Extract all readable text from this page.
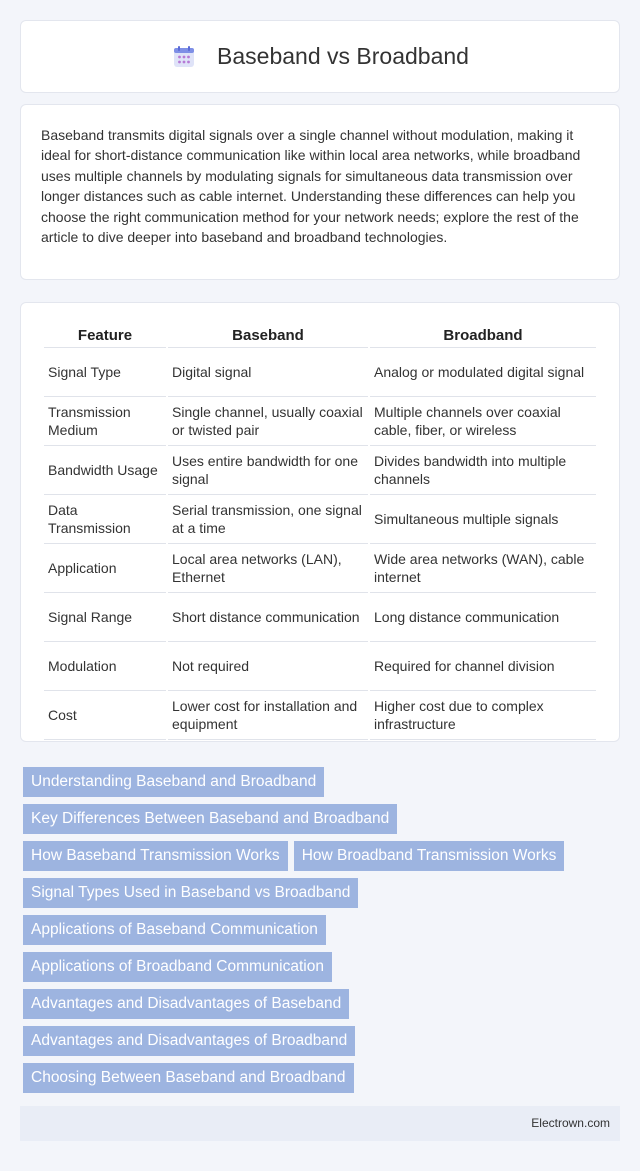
Baseband vs Broadband

Baseband transmits digital signals over a single channel without modulation, making it ideal for short-distance communication like within local area networks, while broadband uses multiple channels by modulating signals for simultaneous data transmission over longer distances such as cable internet. Understanding these differences can help you choose the right communication method for your network needs; explore the rest of the article to dive deeper into baseband and broadband technologies.

Feature	Baseband	Broadband
Signal Type	Digital signal	Analog or modulated digital signal
Transmission Medium	Single channel, usually coaxial or twisted pair	Multiple channels over coaxial cable, fiber, or wireless
Bandwidth Usage	Uses entire bandwidth for one signal	Divides bandwidth into multiple channels
Data Transmission	Serial transmission, one signal at a time	Simultaneous multiple signals
Application	Local area networks (LAN), Ethernet	Wide area networks (WAN), cable internet
Signal Range	Short distance communication	Long distance communication
Modulation	Not required	Required for channel division
Cost	Lower cost for installation and equipment	Higher cost due to complex infrastructure
Understanding Baseband and Broadband
Key Differences Between Baseband and Broadband
How Baseband Transmission Works	How Broadband Transmission Works
Signal Types Used in Baseband vs Broadband
Applications of Baseband Communication
Applications of Broadband Communication
Advantages and Disadvantages of Baseband
Advantages and Disadvantages of Broadband
Choosing Between Baseband and Broadband
Electrown.com
